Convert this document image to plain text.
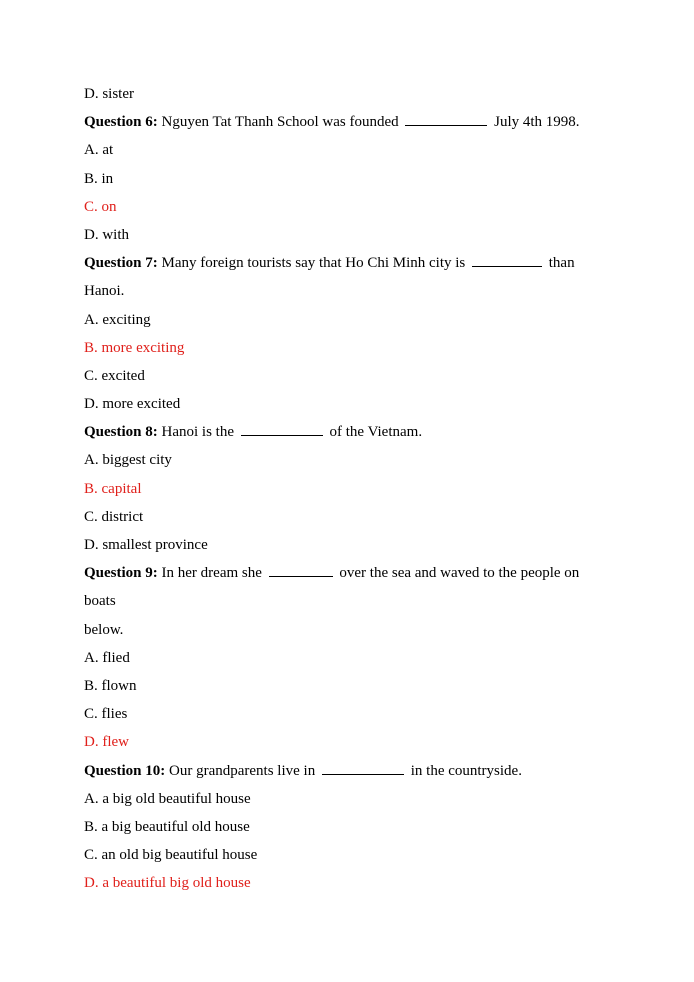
D. sister
Question 6: Nguyen Tat Thanh School was founded	July 4th 1998.
A. at
B. in
C. on
D. with
Question 7: Many foreign tourists say that Ho Chi Minh city is	than
Hanoi.
A. exciting
B. more exciting
C. excited
D. more excited
Question 8: Hanoi is the	of the Vietnam.
A. biggest city
B. capital
C. district
D. smallest province
Question 9: In her dream she	over the sea and waved to the people on
boats
below.
A. flied
B. flown
C. flies
D. flew
Question 10: Our grandparents live in	in the countryside.
A. a big old beautiful house
B. a big beautiful old house
C. an old big beautiful house
D. a beautiful big old house
